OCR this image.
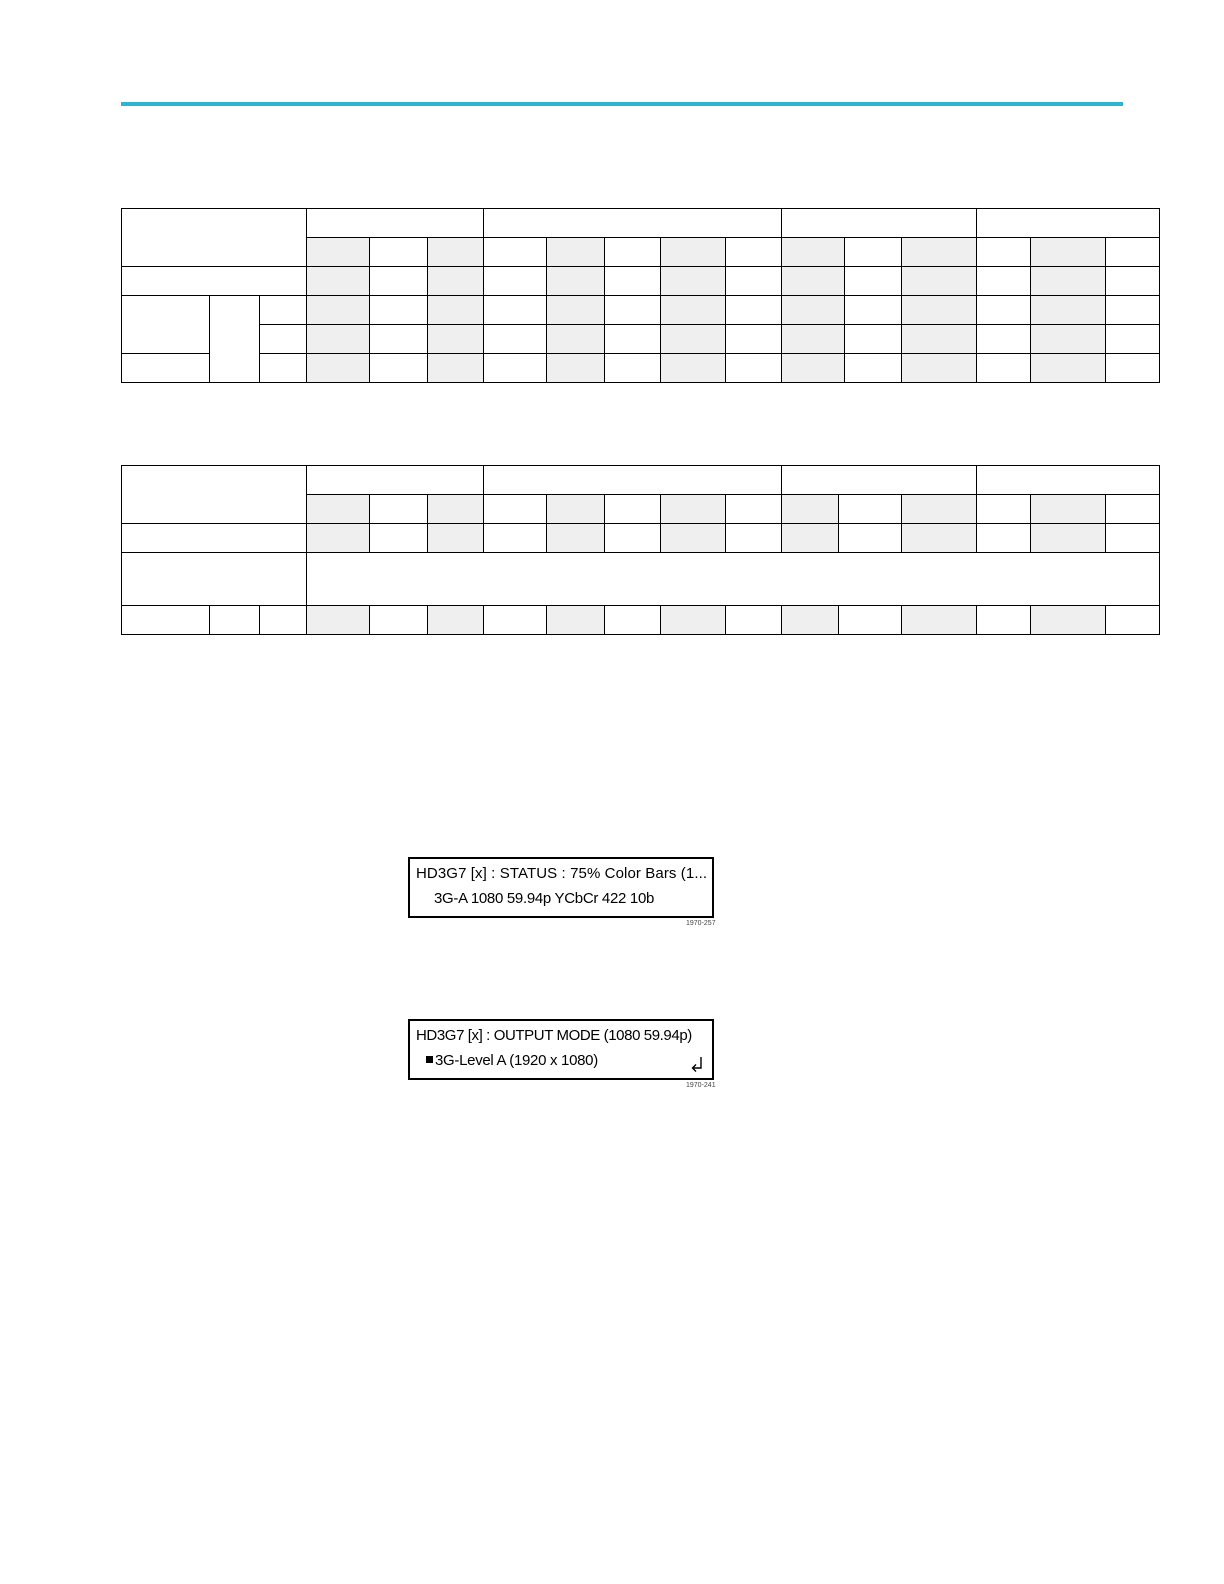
HD3G7 [x] : STATUS : 75% Color Bars (1...
3G-A 1080 59.94p YCbCr 422 10b
1970-257
HD3G7 [x] : OUTPUT MODE (1080 59.94p)
3G-Level A (1920 x 1080)
1970-241
